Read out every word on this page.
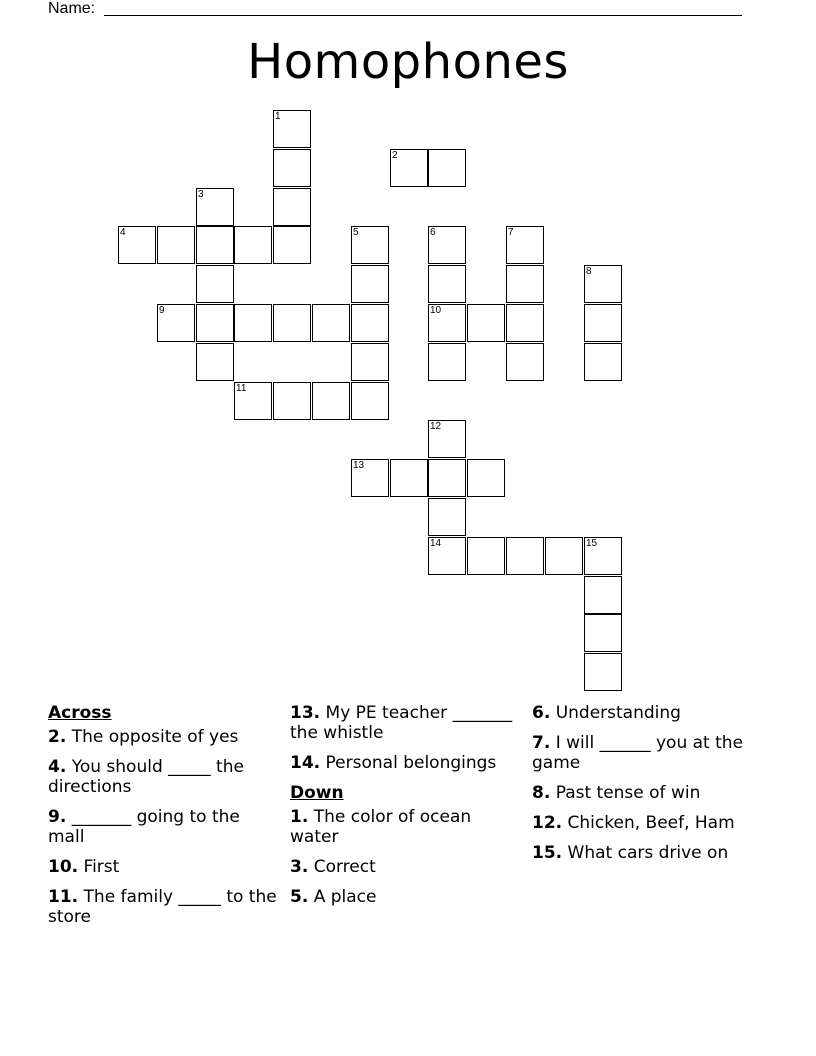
Name:
Homophones
1
2
3
4	5	6	7
8
9	10
11
12
13
14	15
Across
2. The opposite of yes
4. You should _____ the directions
9. _______ going to the mall
10. First
11. The family _____ to the store
13. My PE teacher _______ the whistle
14. Personal belongings
Down
1. The color of ocean water
3. Correct
5. A place
6. Understanding
7. I will ______ you at the game
8. Past tense of win
12. Chicken, Beef, Ham
15. What cars drive on
